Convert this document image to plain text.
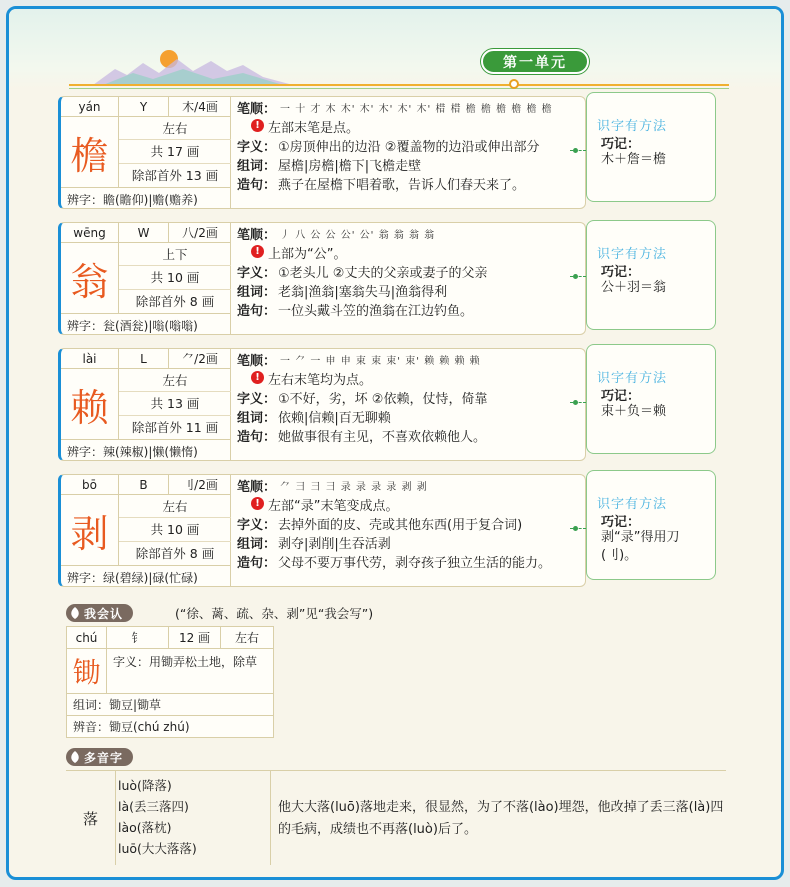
第一单元
yán	Y	木/4画
檐
左右
共 17 画
除部首外 13 画
辨字：瞻(瞻仰)|赡(赡养)
笔顺： 一 十 才 木 木' 木' 木' 木' 木' 棤 棤 檐 檐 檐 檐 檐 檐
! 左部末笔是点。
字义： ①房顶伸出的边沿 ②覆盖物的边沿或伸出部分
组词： 屋檐|房檐|檐下|飞檐走壁
造句： 燕子在屋檐下唱着歌，告诉人们春天来了。
识字有方法
巧记：
木＋詹＝檐
wēng	W	八/2画
翁
上下
共 10 画
除部首外 8 画
辨字：瓮(酒瓮)|嗡(嗡嗡)
笔顺： 丿 八 公 公 公' 公' 翁 翁 翁 翁
! 上部为“公”。
字义： ①老头儿 ②丈夫的父亲或妻子的父亲
组词： 老翁|渔翁|塞翁失马|渔翁得利
造句： 一位头戴斗笠的渔翁在江边钓鱼。
识字有方法
巧记：
公＋羽＝翁
lài	L	⺈/2画
赖
左右
共 13 画
除部首外 11 画
辨字：辣(辣椒)|懒(懒惰)
笔顺： 一 ⺈ 一 申 申 束 束 束' 束' 赖 赖 赖 赖
! 左右末笔均为点。
字义： ①不好，劣，坏 ②依赖，仗恃，倚靠
组词： 依赖|信赖|百无聊赖
造句： 她做事很有主见，不喜欢依赖他人。
识字有方法
巧记：
束＋负＝赖
bō	B	刂/2画
剥
左右
共 10 画
除部首外 8 画
辨字：绿(碧绿)|碌(忙碌)
笔顺： ⺈ ⺕ ⺕ 彐 录 录 录 录 剥 剥
! 左部“录”末笔变成点。
字义： 去掉外面的皮、壳或其他东西(用于复合词)
组词： 剥夺|剥削|生吞活剥
造句： 父母不要万事代劳，剥夺孩子独立生活的能力。
识字有方法
巧记：
剥“录”得用刀(刂)。
我会认	(“徐、蓠、疏、杂、剥”见“我会写”)
chú	钅	12 画	左右
锄	字义：用锄弄松土地，除草
组词：锄豆|锄草
辨音：锄豆(chú zhú)
多音字
落
luò(降落)
là(丢三落四)
lào(落枕)
luō(大大落落)
他大大落(luō)落地走来，很显然，为了不落(lào)埋怨，他改掉了丢三落(là)四的毛病，成绩也不再落(luò)后了。
